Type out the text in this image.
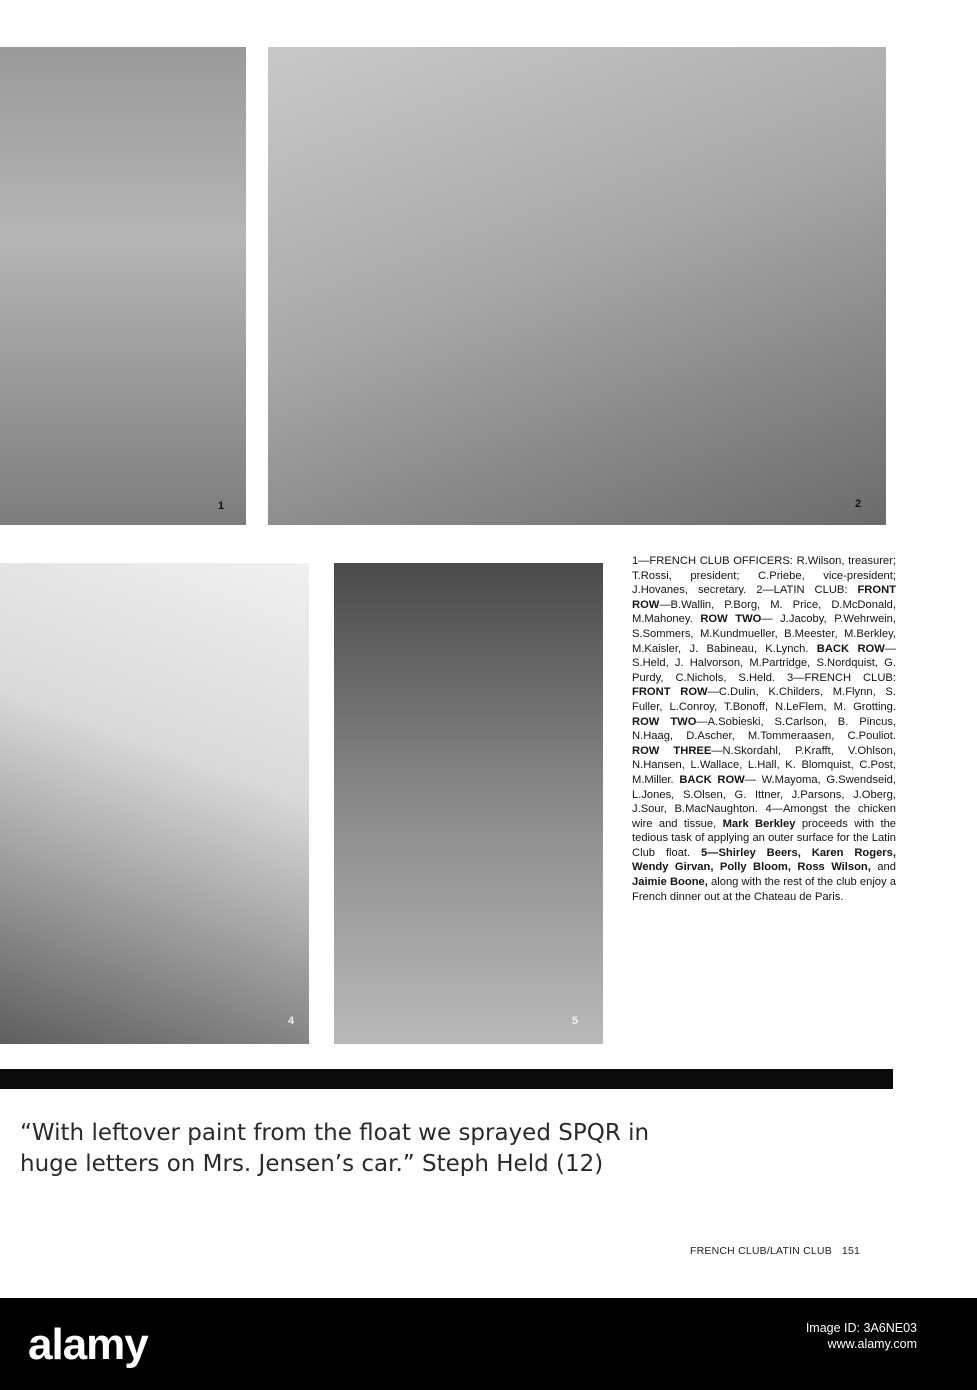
1	2
4	5
1—FRENCH CLUB OFFICERS: R.Wilson, treasurer; T.Rossi, president; C.Priebe, vice-president; J.Hovanes, secretary. 2—LATIN CLUB: FRONT ROW—B.Wallin, P.Borg, M. Price, D.McDonald, M.Mahoney. ROW TWO— J.Jacoby, P.Wehrwein, S.Sommers, M.Kundmueller, B.Meester, M.Berkley, M.Kaisler, J. Babineau, K.Lynch. BACK ROW—S.Held, J. Halvorson, M.Partridge, S.Nordquist, G. Purdy, C.Nichols, S.Held. 3—FRENCH CLUB: FRONT ROW—C.Dulin, K.Childers, M.Flynn, S. Fuller, L.Conroy, T.Bonoff, N.LeFlem, M. Grotting. ROW TWO—A.Sobieski, S.Carlson, B. Pincus, N.Haag, D.Ascher, M.Tommeraasen, C.Pouliot. ROW THREE—N.Skordahl, P.Krafft, V.Ohlson, N.Hansen, L.Wallace, L.Hall, K. Blomquist, C.Post, M.Miller. BACK ROW— W.Mayoma, G.Swendseid, L.Jones, S.Olsen, G. Ittner, J.Parsons, J.Oberg, J.Sour, B.MacNaughton. 4—Amongst the chicken wire and tissue, Mark Berkley proceeds with the tedious task of applying an outer surface for the Latin Club float. 5—Shirley Beers, Karen Rogers, Wendy Girvan, Polly Bloom, Ross Wilson, and Jaimie Boone, along with the rest of the club enjoy a French dinner out at the Chateau de Paris.
“With leftover paint from the float we sprayed SPQR in
huge letters on Mrs. Jensen’s car.” Steph Held (12)
FRENCH CLUB/LATIN CLUB 151
alamy	Image ID: 3A6NE03
www.alamy.com
